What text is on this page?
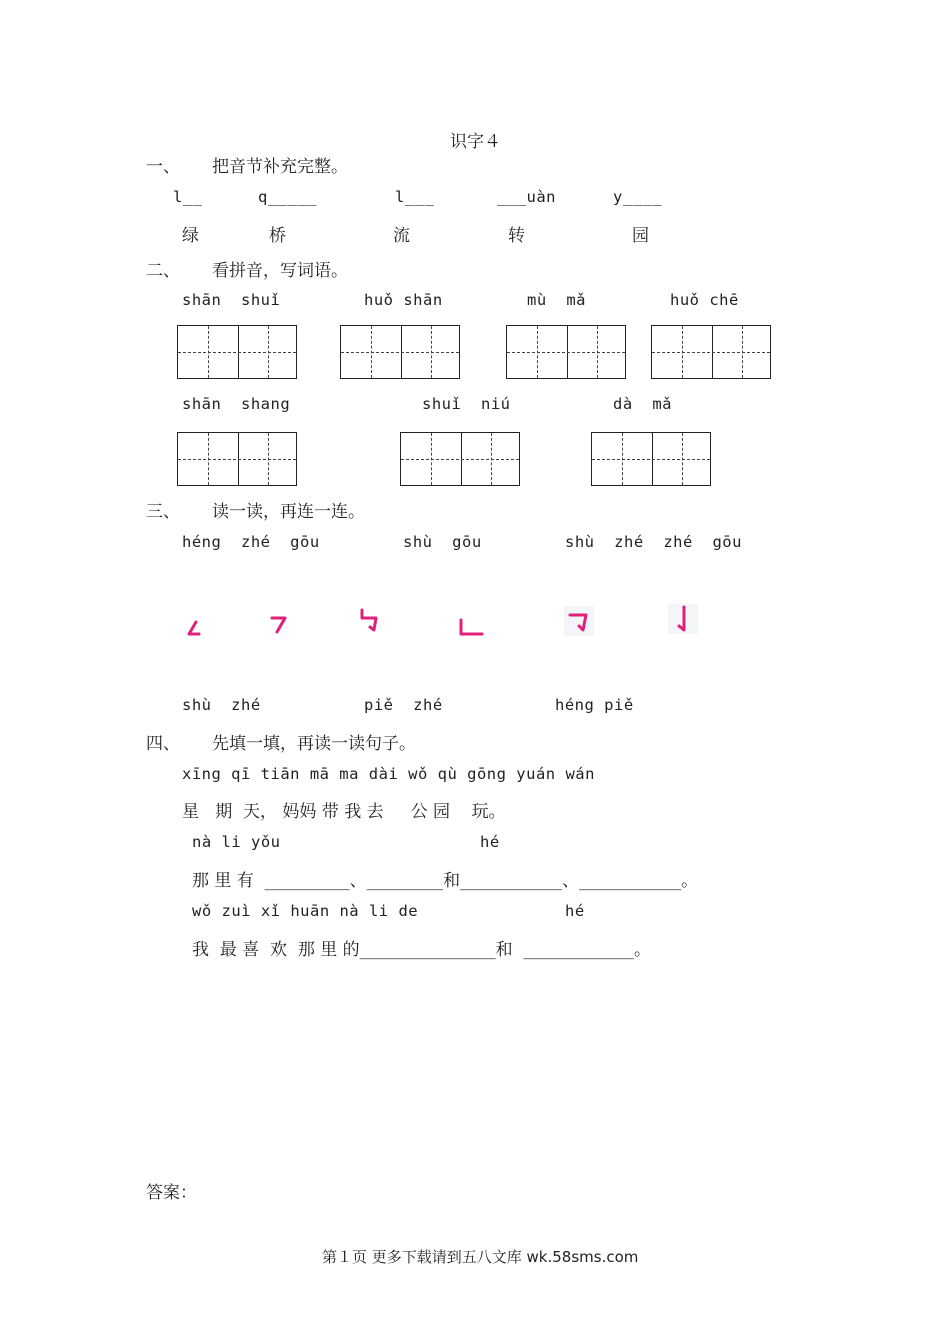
识字４
一、 把音节补充完整。
l__	q_____	l___	___uàn	y____
绿	桥	流	转	园
二、 看拼音，写词语。
shān  shuǐ	huǒ shān	mù  mǎ	huǒ chē
shān  shang	shuǐ  niú	dà  mǎ
三、 读一读，再连一连。
héng  zhé  gōu	shù  gōu	shù  zhé  zhé  gōu
shù  zhé	piě  zhé	héng piě
四、 先填一填，再读一读句子。
xīng qī tiān mā ma dài wǒ qù gōng yuán wán
星   期  天， 妈妈 带 我 去     公 园    玩。
nà li yǒu	hé
那 里 有  __________、_________和____________、____________。
wǒ zuì xǐ huān nà li de	hé
我  最 喜  欢  那 里 的________________和  _____________。
答案：
第１页 更多下载请到五八文库 wk.58sms.com
